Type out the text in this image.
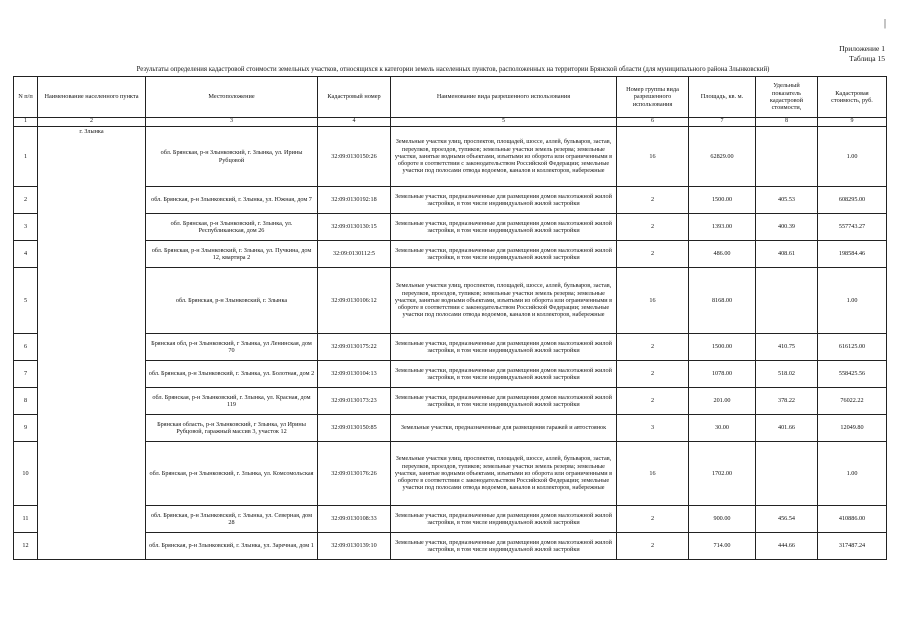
|
Приложение 1
Таблица 15
Результаты определения кадастровой стоимости земельных участков, относящихся к категории земель населенных пунктов, расположенных на территории Брянской области (для муниципального района Злынковский)
N п/п	Наименование населенного пункта	Местоположение	Кадастровый номер	Наименование вида разрешенного использования	Номер группы вида разрешенного использования	Площадь, кв. м.	Удельный показатель кадастровой стоимости,	Кадастровая стоимость, руб.
1	2	3	4	5	6	7	8	9
1	г. Злынка	обл. Брянская, р-н Злынковский, г. Злынка, ул. Ирины Рубцовой	32:09:0130150:26	Земельные участки улиц, проспектов, площадей, шоссе, аллей, бульваров, застав, переулков, проездов, тупиков; земельные участки земель резерва; земельные участки, занятые водными объектами, изъятыми из оборота или ограниченными в обороте в соответствии с законодательством Российской Федерации; земельные участки под полосами отвода водоемов, каналов и коллекторов, набережные	16	62829.00		1.00
2		обл. Брянская, р-н Злынковский, г. Злынка, ул. Южная, дом 7	32:09:0130192:18	Земельные участки, предназначенные для размещения домов малоэтажной жилой застройки, в том числе индивидуальной жилой застройки	2	1500.00	405.53	608295.00
3		обл. Брянская, р-н Злынковский, г. Злынка, ул. Республиканская, дом 26	32:09:0130130:15	Земельные участки, предназначенные для размещения домов малоэтажной жилой застройки, в том числе индивидуальной жилой застройки	2	1393.00	400.39	557743.27
4		обл. Брянская, р-н Злынковский, г. Злынка, ул. Пучкина, дом 12, квартира 2	32:09:0130112:5	Земельные участки, предназначенные для размещения домов малоэтажной жилой застройки, в том числе индивидуальной жилой застройки	2	486.00	408.61	198584.46
5		обл. Брянская, р-н Злынковский, г. Злынка	32:09:0130106:12	Земельные участки улиц, проспектов, площадей, шоссе, аллей, бульваров, застав, переулков, проездов, тупиков; земельные участки земель резерва; земельные участки, занятые водными объектами, изъятыми из оборота или ограниченными в обороте в соответствии с законодательством Российской Федерации; земельные участки под полосами отвода водоемов, каналов и коллекторов, набережные	16	8168.00		1.00
6		Брянская обл, р-н Злынковский, г Злынка, ул Ленинская, дом 70	32:09:0130175:22	Земельные участки, предназначенные для размещения домов малоэтажной жилой застройки, в том числе индивидуальной жилой застройки	2	1500.00	410.75	616125.00
7		обл. Брянская, р-н Злынковский, г. Злынка, ул. Болотная, дом 2	32:09:0130104:13	Земельные участки, предназначенные для размещения домов малоэтажной жилой застройки, в том числе индивидуальной жилой застройки	2	1078.00	518.02	558425.56
8		обл. Брянская, р-н Злынковский, г. Злынка, ул. Красная, дом 119	32:09:0130173:23	Земельные участки, предназначенные для размещения домов малоэтажной жилой застройки, в том числе индивидуальной жилой застройки	2	201.00	378.22	76022.22
9		Брянская область, р-н Злынковский, г Злынка, ул Ирины Рубцовой, гаражный массив 3, участок 12	32:09:0130150:85	Земельные участки, предназначенные для размещения гаражей и автостоянок	3	30.00	401.66	12049.80
10		обл. Брянская, р-н Злынковский, г. Злынка, ул. Комсомольская	32:09:0130176:26	Земельные участки улиц, проспектов, площадей, шоссе, аллей, бульваров, застав, переулков, проездов, тупиков; земельные участки земель резерва; земельные участки, занятые водными объектами, изъятыми из оборота или ограниченными в обороте в соответствии с законодательством Российской Федерации; земельные участки под полосами отвода водоемов, каналов и коллекторов, набережные	16	1702.00		1.00
11		обл. Брянская, р-н Злынковский, г. Злынка, ул. Северная, дом 28	32:09:0130108:33	Земельные участки, предназначенные для размещения домов малоэтажной жилой застройки, в том числе индивидуальной жилой застройки	2	900.00	456.54	410886.00
12		обл. Брянская, р-н Злынковский, г. Злынка, ул. Заречная, дом 1	32:09:0130139:10	Земельные участки, предназначенные для размещения домов малоэтажной жилой застройки, в том числе индивидуальной жилой застройки	2	714.00	444.66	317487.24
